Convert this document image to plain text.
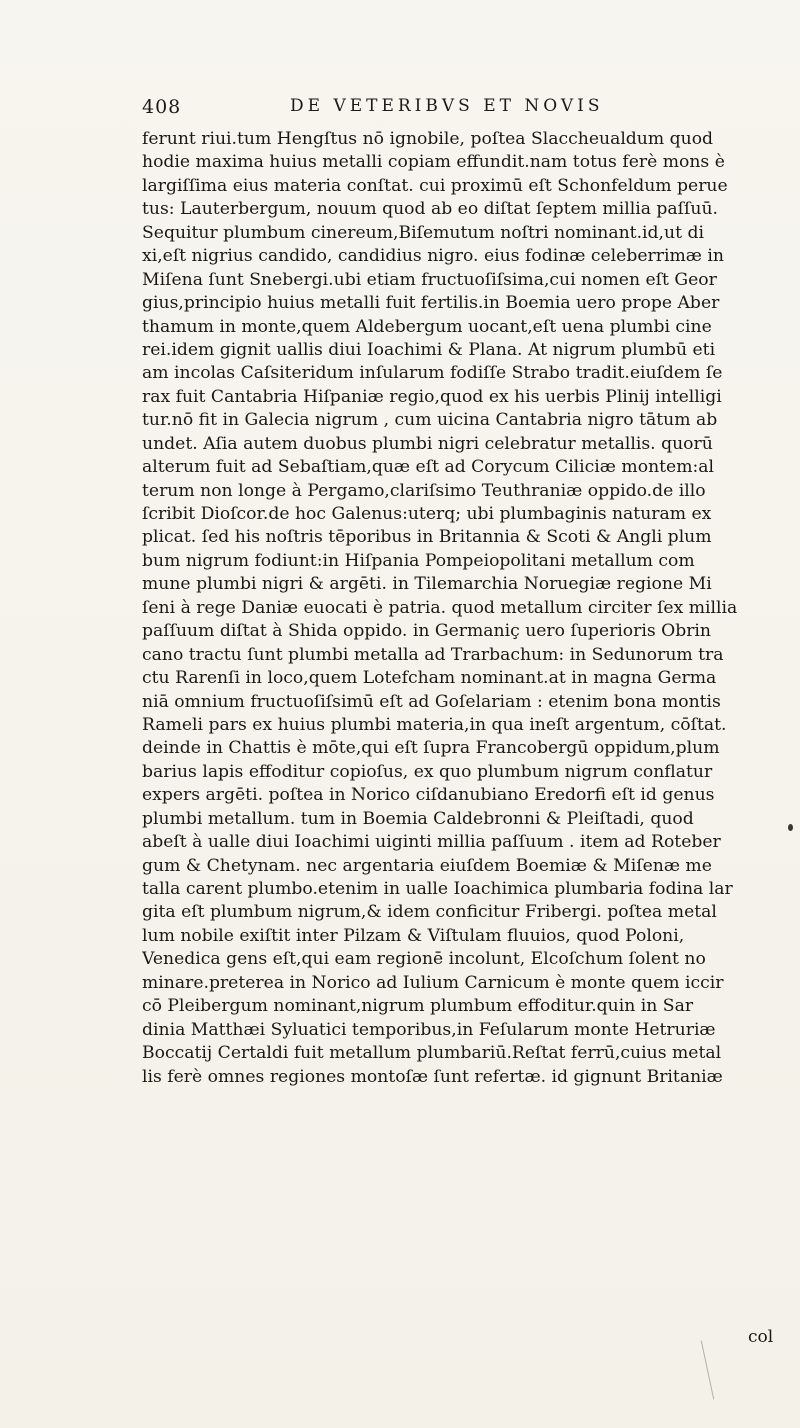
408	DE VETERIBVS ET NOVIS
ferunt riui.tum Hengſtus nō ignobile, poſtea Slaccheualdum quod
hodie maxima huius metalli copiam effundit.nam totus ferè mons è
largiſſima eius materia conſtat. cui proximū eſt Schonfeldum perue
tus: Lauterbergum, nouum quod ab eo diſtat ſeptem millia paſſuū.
Sequitur plumbum cinereum,Biſemutum noſtri nominant.id,ut di
xi,eſt nigrius candido, candidius nigro. eius fodinæ celeberrimæ in
Miſena ſunt Snebergi.ubi etiam fructuoſiſsima,cui nomen eſt Geor
gius,principio huius metalli fuit fertilis.in Boemia uero prope Aber
thamum in monte,quem Aldebergum uocant,eſt uena plumbi cine
rei.idem gignit uallis diui Ioachimi & Plana. At nigrum plumbū eti
am incolas Caſsiteridum inſularum fodiſſe Strabo tradit.eiuſdem ſe
rax fuit Cantabria Hiſpaniæ regio,quod ex his uerbis Plinij intelligi
tur.nō fit in Galecia nigrum , cum uicina Cantabria nigro tātum ab
undet. Aſia autem duobus plumbi nigri celebratur metallis. quorū
alterum fuit ad Sebaſtiam,quæ eſt ad Corycum Ciliciæ montem:al
terum non longe à Pergamo,clariſsimo Teuthraniæ oppido.de illo
ſcribit Dioſcor.de hoc Galenus:uterq; ubi plumbaginis naturam ex
plicat. ſed his noſtris tēporibus in Britannia & Scoti & Angli plum
bum nigrum fodiunt:in Hiſpania Pompeiopolitani metallum com
mune plumbi nigri & argēti. in Tilemarchia Noruegiæ regione Mi
ſeni à rege Daniæ euocati è patria. quod metallum circiter ſex millia
paſſuum diſtat à Shida oppido. in Germaniç uero ſuperioris Obrin
cano tractu ſunt plumbi metalla ad Trarbachum: in Sedunorum tra
ctu Rarenſi in loco,quem Lotefcham nominant.at in magna Germa
niā omnium fructuoſiſsimū eſt ad Goſelariam : etenim bona montis
Rameli pars ex huius plumbi materia,in qua ineſt argentum, cōſtat.
deinde in Chattis è mōte,qui eſt ſupra Francobergū oppidum,plum
barius lapis effoditur copioſus, ex quo plumbum nigrum conflatur
expers argēti. poſtea in Norico ciſdanubiano Eredorfi eſt id genus
plumbi metallum. tum in Boemia Caldebronni & Pleiſtadi, quod
abeſt à ualle diui Ioachimi uiginti millia paſſuum . item ad Roteber
gum & Chetynam. nec argentaria eiuſdem Boemiæ & Miſenæ me
talla carent plumbo.etenim in ualle Ioachimica plumbaria fodina lar
gita eſt plumbum nigrum,& idem conficitur Fribergi. poſtea metal
lum nobile exiſtit inter Pilzam & Viſtulam fluuios, quod Poloni,
Venedica gens eſt,qui eam regionē incolunt, Elcoſchum ſolent no
minare.preterea in Norico ad Iulium Carnicum è monte quem iccir
cō Pleibergum nominant,nigrum plumbum effoditur.quin in Sar
dinia Matthæi Syluatici temporibus,in Feſularum monte Hetruriæ
Boccatij Certaldi fuit metallum plumbariū.Reſtat ferrū,cuius metal
lis ferè omnes regiones montoſæ ſunt refertæ. id gignunt Britaniæ
col
